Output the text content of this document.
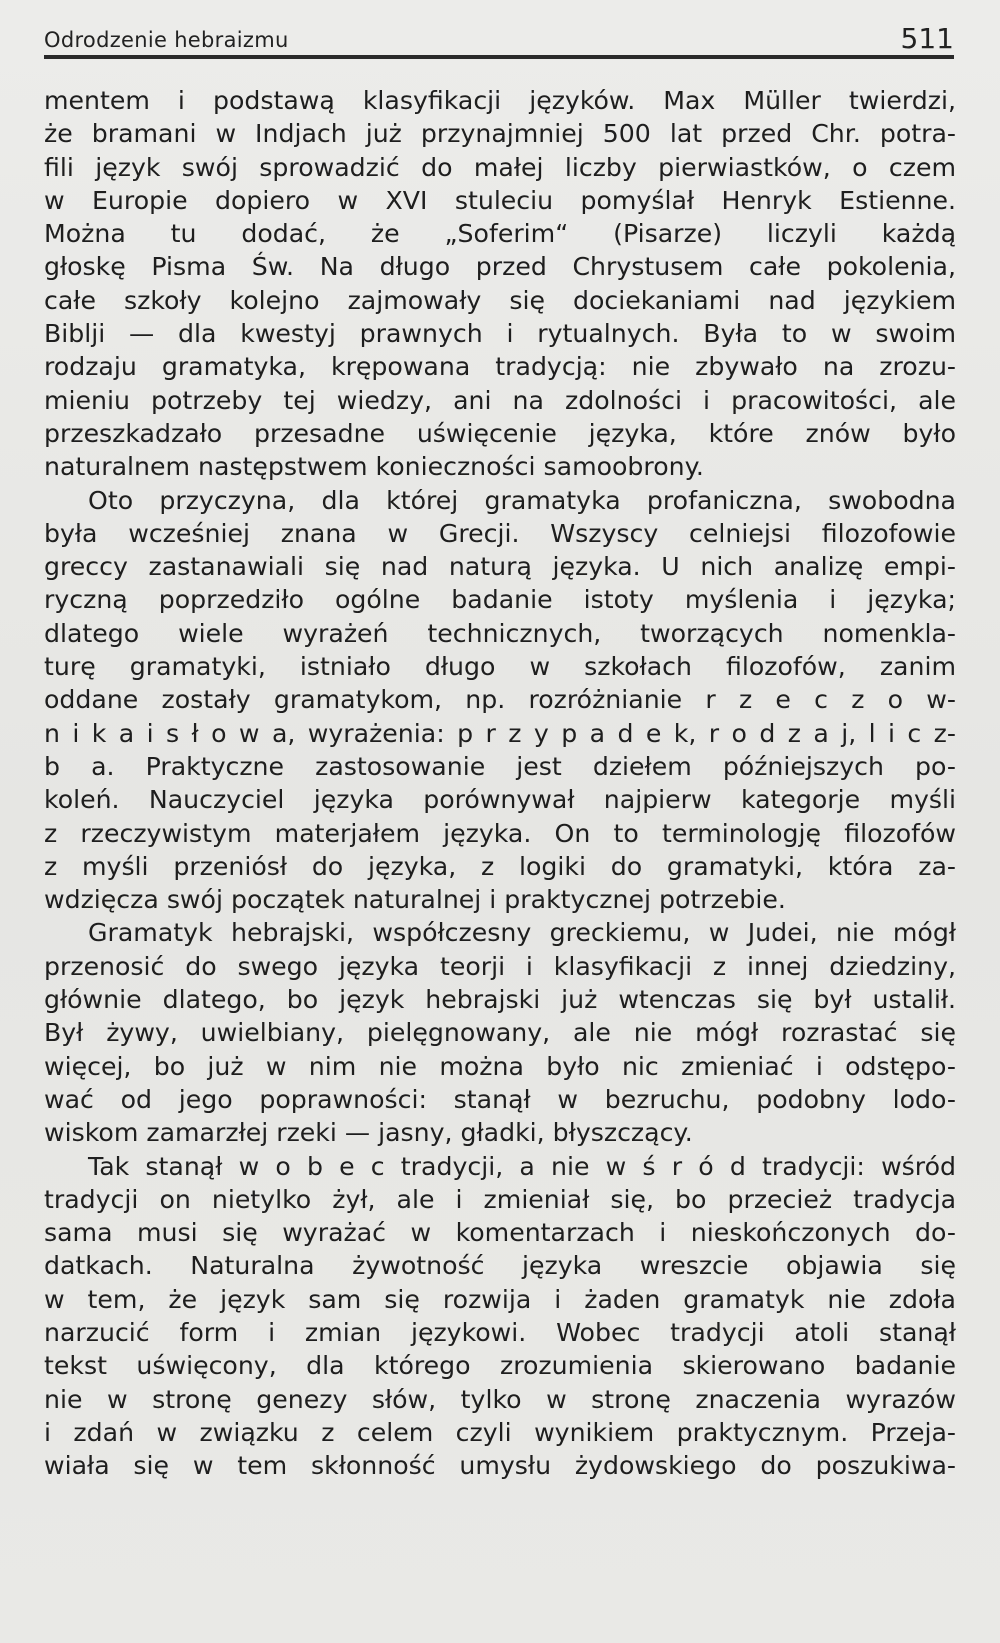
Odrodzenie hebraizmu	511
mentem i podstawą klasyfikacji języków. Max Müller twierdzi,
że bramani w Indjach już przynajmniej 500 lat przed Chr. potra-
fili język swój sprowadzić do małej liczby pierwiastków, o czem
w Europie dopiero w XVI stuleciu pomyślał Henryk Estienne.
Można tu dodać, że „Soferim“ (Pisarze) liczyli każdą
głoskę Pisma Św. Na długo przed Chrystusem całe pokolenia,
całe szkoły kolejno zajmowały się dociekaniami nad językiem
Biblji — dla kwestyj prawnych i rytualnych. Była to w swoim
rodzaju gramatyka, krępowana tradycją: nie zbywało na zrozu-
mieniu potrzeby tej wiedzy, ani na zdolności i pracowitości, ale
przeszkadzało przesadne uświęcenie języka, które znów było
naturalnem następstwem konieczności samoobrony.
Oto przyczyna, dla której gramatyka profaniczna, swobodna
była wcześniej znana w Grecji. Wszyscy celniejsi filozofowie
greccy zastanawiali się nad naturą języka. U nich analizę empi-
ryczną poprzedziło ogólne badanie istoty myślenia i języka;
dlatego wiele wyrażeń technicznych, tworzących nomenkla-
turę gramatyki, istniało długo w szkołach filozofów, zanim
oddane zostały gramatykom, np. rozróżnianie r z e c z o w-
n i k a i s ł o w a, wyrażenia: p r z y p a d e k, r o d z a j, l i c z-
b a. Praktyczne zastosowanie jest dziełem późniejszych po-
koleń. Nauczyciel języka porównywał najpierw kategorje myśli
z rzeczywistym materjałem języka. On to terminologję filozofów
z myśli przeniósł do języka, z logiki do gramatyki, która za-
wdzięcza swój początek naturalnej i praktycznej potrzebie.
Gramatyk hebrajski, współczesny greckiemu, w Judei, nie mógł
przenosić do swego języka teorji i klasyfikacji z innej dziedziny,
głównie dlatego, bo język hebrajski już wtenczas się był ustalił.
Był żywy, uwielbiany, pielęgnowany, ale nie mógł rozrastać się
więcej, bo już w nim nie można było nic zmieniać i odstępo-
wać od jego poprawności: stanął w bezruchu, podobny lodo-
wiskom zamarzłej rzeki — jasny, gładki, błyszczący.
Tak stanął w o b e c tradycji, a nie w ś r ó d tradycji: wśród
tradycji on nietylko żył, ale i zmieniał się, bo przecież tradycja
sama musi się wyrażać w komentarzach i nieskończonych do-
datkach. Naturalna żywotność języka wreszcie objawia się
w tem, że język sam się rozwija i żaden gramatyk nie zdoła
narzucić form i zmian językowi. Wobec tradycji atoli stanął
tekst uświęcony, dla którego zrozumienia skierowano badanie
nie w stronę genezy słów, tylko w stronę znaczenia wyrazów
i zdań w związku z celem czyli wynikiem praktycznym. Przeja-
wiała się w tem skłonność umysłu żydowskiego do poszukiwa-
